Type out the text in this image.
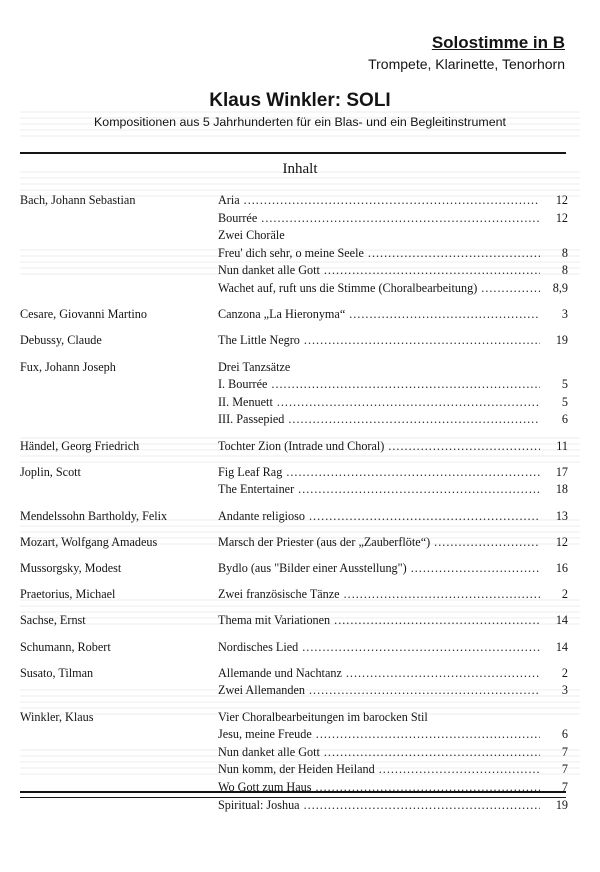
Solostimme in B
Trompete, Klarinette, Tenorhorn
Klaus Winkler: SOLI
Kompositionen aus 5 Jahrhunderten für ein Blas- und ein Begleitinstrument
Inhalt
Bach, Johann Sebastian	Aria .....	12
Bourrée .....	12
Zwei Choräle
Freu' dich sehr, o meine Seele .....	8
Nun danket alle Gott .....	8
Wachet auf, ruft uns die Stimme (Choralbearbeitung) .....	8,9
Cesare, Giovanni Martino	Canzona „La Hieronyma“ .....	3
Debussy, Claude	The Little Negro .....	19
Fux, Johann Joseph	Drei Tanzsätze
I. Bourrée .....	5
II. Menuett .....	5
III. Passepied .....	6
Händel, Georg Friedrich	Tochter Zion (Intrade und Choral) .....	11
Joplin, Scott	Fig Leaf Rag .....	17
The Entertainer .....	18
Mendelssohn Bartholdy, Felix	Andante religioso .....	13
Mozart, Wolfgang Amadeus	Marsch der Priester (aus der „Zauberflöte“) .....	12
Mussorgsky, Modest	Bydlo (aus "Bilder einer Ausstellung") .....	16
Praetorius, Michael	Zwei französische Tänze .....	2
Sachse, Ernst	Thema mit Variationen .....	14
Schumann, Robert	Nordisches Lied .....	14
Susato, Tilman	Allemande und Nachtanz .....	2
Zwei Allemanden .....	3
Winkler, Klaus	Vier Choralbearbeitungen im barocken Stil
Jesu, meine Freude .....	6
Nun danket alle Gott .....	7
Nun komm, der Heiden Heiland .....	7
Wo Gott zum Haus .....	7
Spiritual: Joshua .....	19
